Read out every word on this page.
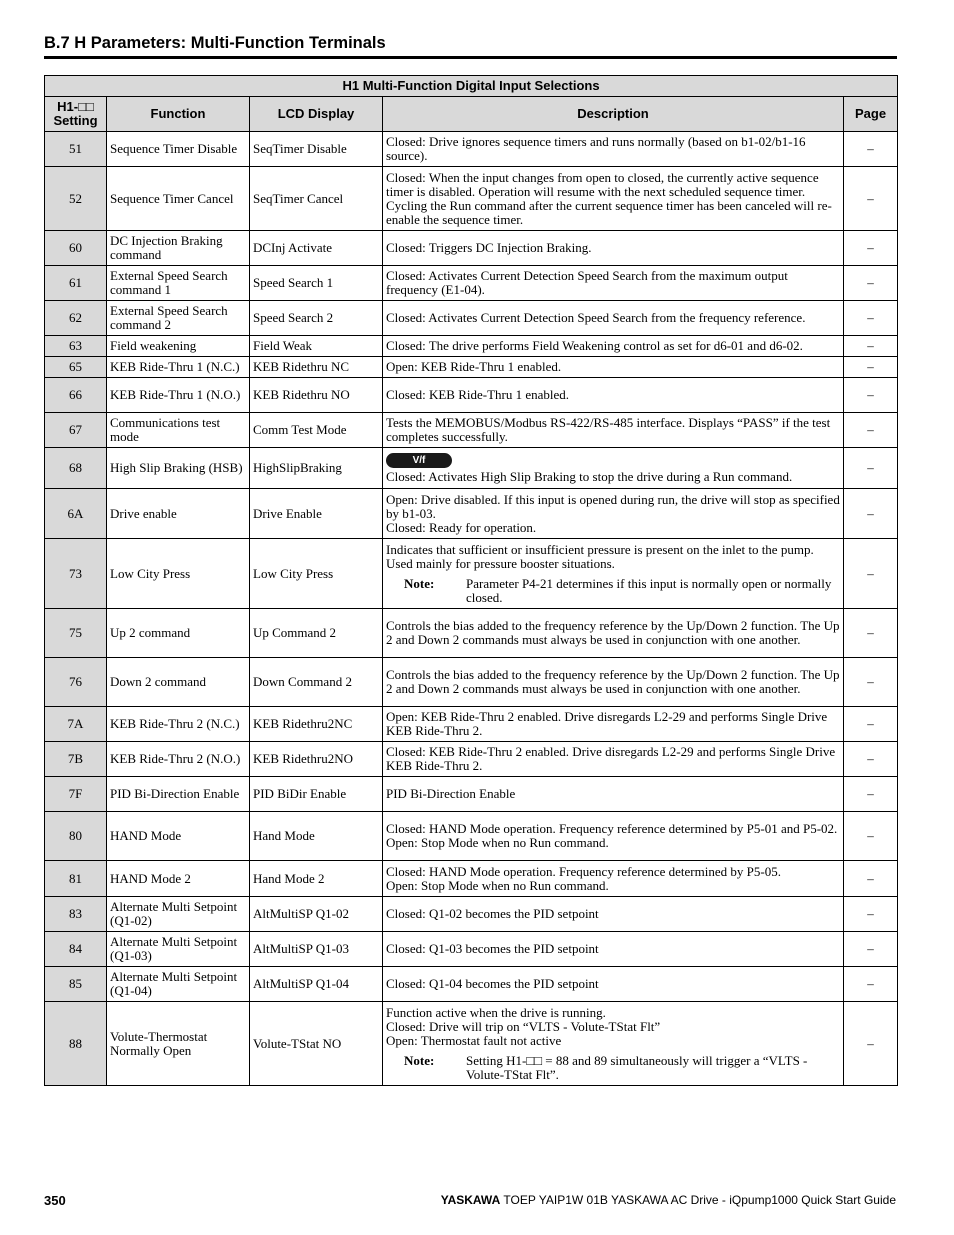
B.7 H Parameters: Multi-Function Terminals
H1 Multi-Function Digital Input Selections				
H1-□□ Setting	Function	LCD Display	Description	Page
51	Sequence Timer Disable	SeqTimer Disable	Closed: Drive ignores sequence timers and runs normally (based on b1-02/b1-16 source).	–
52	Sequence Timer Cancel	SeqTimer Cancel	Closed: When the input changes from open to closed, the currently active sequence timer is disabled. Operation will resume with the next scheduled sequence timer. Cycling the Run command after the current sequence timer has been canceled will re-enable the sequence timer.	–
60	DC Injection Braking command	DCInj Activate	Closed: Triggers DC Injection Braking.	–
61	External Speed Search command 1	Speed Search 1	Closed: Activates Current Detection Speed Search from the maximum output frequency (E1-04).	–
62	External Speed Search command 2	Speed Search 2	Closed: Activates Current Detection Speed Search from the frequency reference.	–
63	Field weakening	Field Weak	Closed: The drive performs Field Weakening control as set for d6-01 and d6-02.	–
65	KEB Ride-Thru 1 (N.C.)	KEB Ridethru NC	Open: KEB Ride-Thru 1 enabled.	–
66	KEB Ride-Thru 1 (N.O.)	KEB Ridethru NO	Closed: KEB Ride-Thru 1 enabled.	–
67	Communications test mode	Comm Test Mode	Tests the MEMOBUS/Modbus RS-422/RS-485 interface. Displays “PASS” if the test completes successfully.	–
68	High Slip Braking (HSB)	HighSlipBraking	V/f
Closed: Activates High Slip Braking to stop the drive during a Run command.	–
6A	Drive enable	Drive Enable	Open: Drive disabled. If this input is opened during run, the drive will stop as specified by b1-03.
Closed: Ready for operation.	–
73	Low City Press	Low City Press	Indicates that sufficient or insufficient pressure is present on the inlet to the pump. Used mainly for pressure booster situations.
Note: Parameter P4-21 determines if this input is normally open or normally closed.	–
75	Up 2 command	Up Command 2	Controls the bias added to the frequency reference by the Up/Down 2 function. The Up 2 and Down 2 commands must always be used in conjunction with one another.	–
76	Down 2 command	Down Command 2	Controls the bias added to the frequency reference by the Up/Down 2 function. The Up 2 and Down 2 commands must always be used in conjunction with one another.	–
7A	KEB Ride-Thru 2 (N.C.)	KEB Ridethru2NC	Open: KEB Ride-Thru 2 enabled. Drive disregards L2-29 and performs Single Drive KEB Ride-Thru 2.	–
7B	KEB Ride-Thru 2 (N.O.)	KEB Ridethru2NO	Closed: KEB Ride-Thru 2 enabled. Drive disregards L2-29 and performs Single Drive KEB Ride-Thru 2.	–
7F	PID Bi-Direction Enable	PID BiDir Enable	PID Bi-Direction Enable	–
80	HAND Mode	Hand Mode	Closed: HAND Mode operation. Frequency reference determined by P5-01 and P5-02.
Open: Stop Mode when no Run command.	–
81	HAND Mode 2	Hand Mode 2	Closed: HAND Mode operation. Frequency reference determined by P5-05.
Open: Stop Mode when no Run command.	–
83	Alternate Multi Setpoint (Q1-02)	AltMultiSP Q1-02	Closed: Q1-02 becomes the PID setpoint	–
84	Alternate Multi Setpoint (Q1-03)	AltMultiSP Q1-03	Closed: Q1-03 becomes the PID setpoint	–
85	Alternate Multi Setpoint (Q1-04)	AltMultiSP Q1-04	Closed: Q1-04 becomes the PID setpoint	–
88	Volute-Thermostat Normally Open	Volute-TStat NO	Function active when the drive is running.
Closed: Drive will trip on “VLTS - Volute-TStat Flt”
Open: Thermostat fault not active
Note: Setting H1-□□ = 88 and 89 simultaneously will trigger a “VLTS - Volute-TStat Flt”.	–
350	YASKAWA TOEP YAIP1W 01B YASKAWA AC Drive - iQpump1000 Quick Start Guide
